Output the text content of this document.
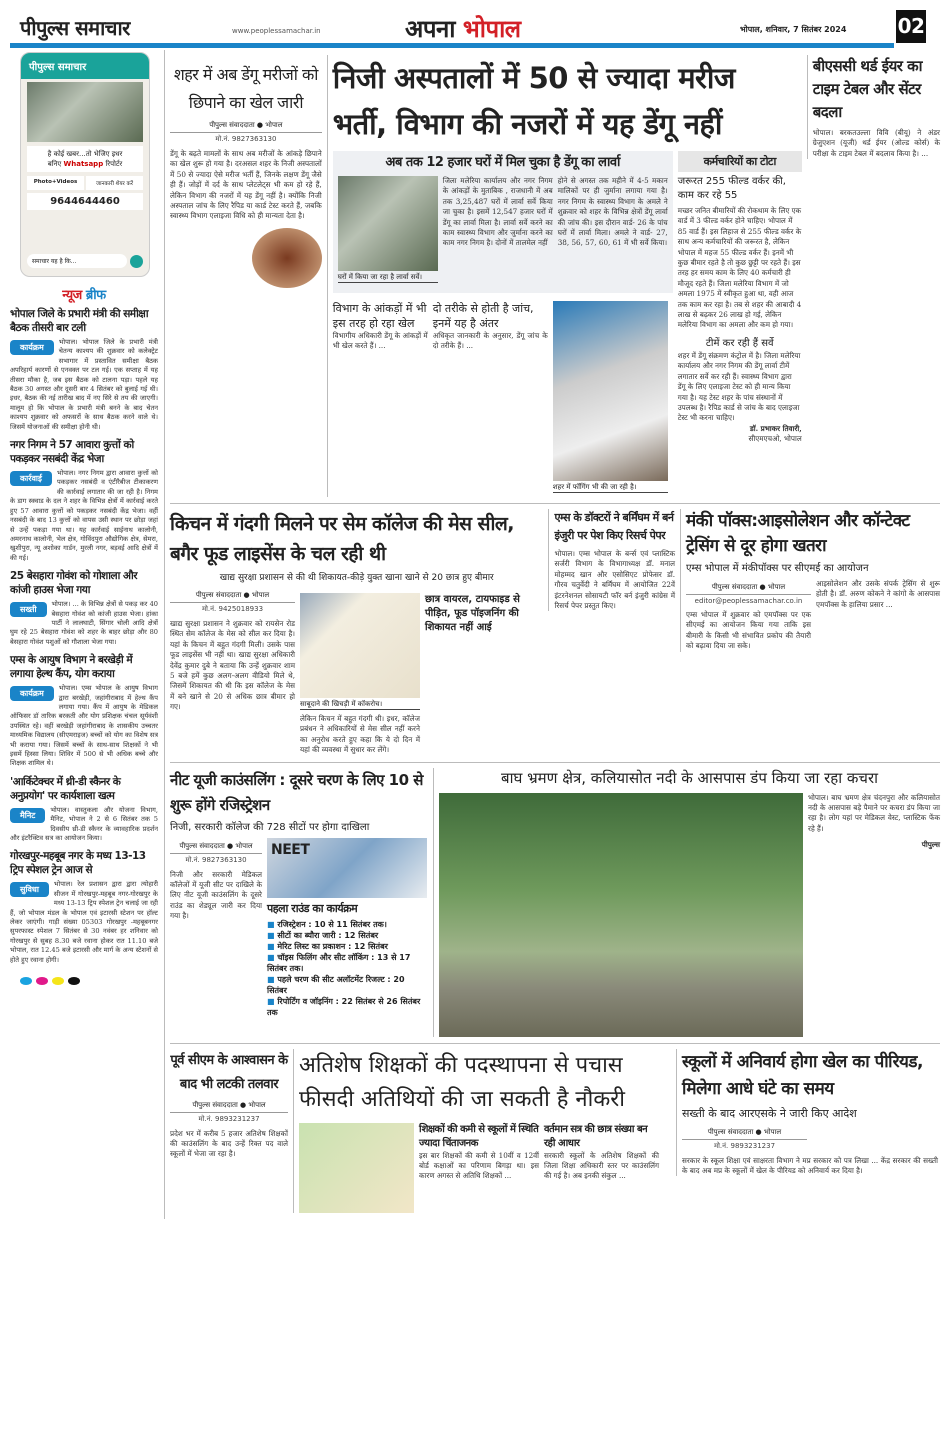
पीपुल्स समाचार	www.peoplessamachar.in	अपना भोपाल	भोपाल, शनिवार, 7 सितंबर 2024	02
पीपुल्स समाचार
है कोई खबर...तो भेजिए इधर
बनिए Whatsapp रिपोर्टर
Photo+Videos	जानकारी शेयर करें
9644644460
समाचार यह है कि...
न्यूज ब्रीफ
भोपाल जिले के प्रभारी मंत्री की समीक्षा बैठक तीसरी बार टली
कार्यक्रम	भोपाल। भोपाल जिले के प्रभारी मंत्री चेतन्य काश्यप की शुक्रवार को कलेक्ट्रेट सभागार में प्रस्तावित समीक्षा बैठक अपरिहार्य कारणों से एनवक्त पर टल गई। एक सप्ताह में यह तीसरा मौका है, जब इस बैठक को टालना पड़ा। पहले यह बैठक 30 अगस्त और दूसरी बार 4 सितंबर को बुलाई गई थी। इधर, बैठक की नई तारीख बाद में नए सिरे से तय की जाएगी। मालूम हो कि भोपाल के प्रभारी मंत्री बनने के बाद चेतन काश्यप शुक्रवार को अफसरों के साथ बैठक करने वाले थे। जिसमें योजनाओं की समीक्षा होनी थी।
नगर निगम ने 57 आवारा कुत्तों को पकड़कर नसबंदी केंद्र भेजा
कार्रवाई	भोपाल। नगर निगम द्वारा आवारा कुत्तों को पकड़कर नसबंदी व एंटीरैबीज टीकाकरण की कार्रवाई लगातार की जा रही है। निगम के डाग स्क्वाड के दल ने शहर के विभिन्न क्षेत्रों में कार्रवाई करते हुए 57 आवारा कुत्तों को पकड़कर नसबंदी केंद्र भेजा। वहीं नसबंदी के बाद 13 कुत्तों को वापस उसी स्थान पर छोड़ा जहां से उन्हें पकड़ा गया था। यह कार्रवाई साईनाथ कालोनी, अमरनाथ कालोनी, भेल क्षेत्र, गोविंदपुरा औद्योगिक क्षेत्र, सेमरा, खुशीपुरा, न्यू अशोका गार्डन, मुरली नगर, बड़वई आदि क्षेत्रों में की गई।
25 बेसहारा गोवंश को गोशाला और कांजी हाउस भेजा गया
सख्ती	भोपाल। ... के विभिन्न क्षेत्रों से पकड़ कर 40 बेसहारा गोवंश को कांजी हाउस भेजा। हांका पार्टी ने लालघाटी, सिंगार चोली आदि क्षेत्रों घुम रहे 25 बेसहारा गोवंश को शहर के बाहर छोड़ा और 80 बेसहारा गोवंश पशुओं को गौशाला भेजा गया।
एम्स के आयुष विभाग ने बरखेड़ी में लगाया हेल्थ कैंप, योग कराया
कार्यक्रम	भोपाल। एम्स भोपाल के आयुष विभाग द्वारा बरखेड़ी, जहांगीराबाद में हेल्थ कैंप लगाया गया। कैंप में आयुष के मेडिकल ऑफिसर डॉ तारिक बरकती और योग प्रशिक्षक चंचल सूर्यवंशी उपस्थित रहे। वहीं बरखेड़ी जहांगीराबाद के शासकीय उच्चतर माध्यमिक विद्यालय (सीएमराइज) बच्चों को योग का विशेष सत्र भी कराया गया। जिसमें बच्चों के साथ-साथ शिक्षकों ने भी इसमें हिस्सा लिया। शिविर में 500 से भी अधिक बच्चे और शिक्षक शामिल थे।
'आर्किटेक्चर में थ्री-डी स्कैनर के अनुप्रयोग' पर कार्यशाला खत्म
मैनिट	भोपाल। वास्तुकला और योजना विभाग, मैनिट, भोपाल ने 2 से 6 सितंबर तक 5 दिवसीय थ्री-डी स्कैनर के व्यावहारिक प्रदर्शन और इंटरैक्टिव सत्र का आयोजन किया।
गोरखपुर-महबूब नगर के मध्य 13-13 ट्रिप स्पेशल ट्रेन आज से
सुविधा	भोपाल। रेल प्रशासन द्वारा द्वारा त्योहारी सीजन में गोरखपुर-महबूब नगर-गोरखपुर के मध्य 13-13 ट्रिप स्पेशल ट्रेन चलाई जा रही हैं, जो भोपाल मंडल के भोपाल एवं इटारसी स्टेशन पर हॉल्ट लेकर जाएंगी। गाड़ी संख्या 05303 गोरखपुर -महबूबनगर सुपरफास्ट स्पेशल 7 सितंबर से 30 नवंबर हर शनिवार को गोरखपुर से सुबह 8.30 बजे रवाना होकर रात 11.10 बजे भोपाल, रात 12.45 बजे इटारसी और मार्ग के अन्य स्टेशनों से होते हुए रवाना होगी।
शहर में अब डेंगू मरीजों को छिपाने का खेल जारी
पीपुल्स संवाददाता ● भोपाल
मो.नं. 9827363130
डेंगू के बढ़ते मामलों के साथ अब मरीजों के आंकड़े छिपाने का खेल शुरू हो गया है। दरअसल शहर के निजी अस्पतालों में 50 से ज्यादा ऐसे मरीज भर्ती हैं, जिनके लक्षण डेंगू जैसे ही हैं। जोड़ों में दर्द के साथ प्लेटलेट्स भी कम हो रहे हैं, लेकिन विभाग की नजरों में यह डेंगू नहीं है। क्योंकि निजी अस्पताल जांच के लिए रैपिड या कार्ड टेस्ट करते हैं, जबकि स्वास्थ्य विभाग एलाइजा विधि को ही मान्यता देता है।
निजी अस्पतालों में 50 से ज्यादा मरीज
भर्ती, विभाग की नजरों में यह डेंगू नहीं
अब तक 12 हजार घरों में मिल चुका है डेंगू का लार्वा
घरों में किया जा रहा है लार्वा सर्वे।
जिला मलेरिया कार्यालय और नगर निगम के आंकड़ों के मुताबिक , राजधानी में अब तक 3,25,487 घरों में लार्वा सर्वे किया जा चुका है। इसमें 12,547 हजार घरों में डेंगू का लार्वा मिला है। लार्वा सर्वे करने का काम स्वास्थ्य विभाग और जुर्माना करने का काम नगर निगम है। दोनों में तालमेल नहीं
होने से अगस्त तक महीने में 4-5 मकान मालिकों पर ही जुर्माना लगाया गया है। नगर निगम के स्वास्थ्य विभाग के अमले ने शुक्रवार को शहर के विभिन्न क्षेत्रों डेंगू लार्वा की जांच की। इस दौरान वार्ड- 26 के पांच घरों में लार्वा मिला। अमले ने वार्ड- 27, 38, 56, 57, 60, 61 में भी सर्वे किया।
विभाग के आंकड़ों में भी इस तरह हो रहा खेल
विभागीय अधिकारी डेंगू के आंकड़ों में भी खेल करते हैं। ...
दो तरीके से होती है जांच, इनमें यह है अंतर
अधिकृत जानकारी के अनुसार, डेंगू जांच के दो तरीके हैं। ...
शहर में फॉगिंग भी की जा रही है।
कर्मचारियों का टोटा
जरूरत 255 फील्ड वर्कर की, काम कर रहे 55
मच्छर जनित बीमारियों की रोकथाम के लिए एक वार्ड में 3 फील्ड वर्कर होने चाहिए। भोपाल में 85 वार्ड हैं। इस लिहाज से 255 फील्ड वर्कर के साथ अन्य कर्मचारियों की जरूरत है, लेकिन भोपाल में महज 55 फील्ड वर्कर हैं। इनमें भी कुछ बीमार रहते है तो कुछ छुट्टी पर रहते हैं। इस तरह हर समय काम के लिए 40 कर्मचारी ही मौजूद रहते हैं। जिला मलेरिया विभाग में जो अमला 1975 में स्वीकृत हुआ था, वही आज तक काम कर रहा है। तब से शहर की आबादी 4 लाख से बढ़कर 26 लाख हो गई, लेकिन मलेरिया विभाग का अमला और कम हो गया।
टीमें कर रही हैं सर्वे
शहर में डेंगू संक्रमण कंट्रोल में है। जिला मलेरिया कार्यालय और नगर निगम की डेंगू लार्वा टीमें लगातार सर्वे कर रही हैं। स्वास्थ्य विभाग द्वारा डेंगू के लिए एलाइजा टेस्ट को ही मान्य किया गया है। यह टेस्ट शहर के पांच संस्थानों में उपलब्ध है। रैपिड कार्ड से जांच के बाद एलाइजा टेस्ट भी करना चाहिए।
डॉ. प्रभाकर तिवारी,
सीएमएचओ, भोपाल
बीएससी थर्ड ईयर का टाइम टेबल और सेंटर बदला
भोपाल। बरकतउल्ला विवि (बीयू) ने अंडर ग्रेजुएशन (यूजी) थर्ड ईयर (ओल्ड कोर्स) के परीक्षा के टाइम टेबल में बदलाव किया है। ...
किचन में गंदगी मिलने पर सेम कॉलेज की मेस सील, बगैर फूड लाइसेंस के चल रही थी
खाद्य सुरक्षा प्रशासन से की थी शिकायत-कीड़े युक्त खाना खाने से 20 छात्र हुए बीमार
पीपुल्स संवाददाता ● भोपाल
मो.नं. 9425018933
खाद्य सुरक्षा प्रशासन ने शुक्रवार को रायसेन रोड स्थित सेम कॉलेज के मेस को सील कर दिया है। यहां के किचन में बहुत गंदगी मिली। उसके पास फूड लाइसेंस भी नहीं था। खाद्य सुरक्षा अधिकारी देवेंद्र कुमार दुबे ने बताया कि उन्हें शुक्रवार शाम 5 बजे हमें कुछ अलग-अलग वीडियो मिले थे, जिसमें शिकायत की थी कि इस कॉलेज के मेस में बने खाने से 20 से अधिक छात्र बीमार हो गए।	साबूदाने की खिचड़ी में कॉकरोच।
लेकिन किचन में बहुत गंदगी थी। इधर, कॉलेज प्रबंधन ने अधिकारियों से मेस सील नहीं करने का अनुरोध करते हुए कहा कि ये दो दिन में यहां की व्यवस्था में सुधार कर लेंगे।
छात्र वायरल, टायफाइड से पीड़ित, फूड पॉइजनिंग की शिकायत नहीं आई
एम्स के डॉक्टरों ने बर्मिंघम में बर्न इंजुरी पर पेश किए रिसर्च पेपर
भोपाल। एम्स भोपाल के बर्न्स एवं प्लास्टिक सर्जरी विभाग के विभागाध्यक्ष डॉ. मनाल मोहम्मद खान और एसोसिएट प्रोफेसर डॉ. गौरव चतुर्वेदी ने बर्मिंघम में आयोजित 22वें इंटरनेशनल सोसायटी फॉर बर्न इंजुरी कांग्रेस में रिसर्च पेपर प्रस्तुत किए।
मंकी पॉक्स:आइसोलेशन और कॉन्टेक्ट ट्रेसिंग से दूर होगा खतरा
एम्स भोपाल में मंकीपॉक्स पर सीएमई का आयोजन
पीपुल्स संवाददाता ● भोपाल
editor@peoplessamachar.co.in
एम्स भोपाल में शुक्रवार को एमपॉक्स पर एक सीएमई का आयोजन किया गया ताकि इस बीमारी के किसी भी संभावित प्रकोप की तैयारी को बढ़ावा दिया जा सके।
आइसोलेशन और उसके संपर्क ट्रेसिंग से शुरू होती है। डॉ. अरुण कोकने ने कांगो के आसपास एमपॉक्स के हालिया प्रसार ...
नीट यूजी काउंसलिंग : दूसरे चरण के लिए 10 से शुरू होंगे रजिस्ट्रेशन
निजी, सरकारी कॉलेज की 728 सीटों पर होगा दाखिला
पीपुल्स संवाददाता ● भोपाल
मो.नं. 9827363130
निजी और सरकारी मेडिकल कॉलेजों में यूजी सीट पर दाखिले के लिए नीट यूजी काउंसलिंग के दूसरे राउंड का शेड्यूल जारी कर दिया गया है।
NEET
पहला राउंड का कार्यक्रम
■ रजिस्ट्रेशन : 10 से 11 सितंबर तक।
■ सीटों का ब्यौरा जारी : 12 सितंबर
■ मेरिट लिस्ट का प्रकाशन : 12 सितंबर
■ चॉइस फिलिंग और सीट लॉकिंग : 13 से 17 सितंबर तक।
■ पहले चरण की सीट अलॉटमेंट रिजल्ट : 20 सितंबर
■ रिपोर्टिंग व जॉइनिंग : 22 सितंबर से 26 सितंबर तक
बाघ भ्रमण क्षेत्र, कलियासोत नदी के आसपास डंप किया जा रहा कचरा
भोपाल। बाघ भ्रमण क्षेत्र चंदनपुरा और कलियासोत नदी के आसपास बड़े पैमाने पर कचरा डंप किया जा रहा है। लोग यहां पर मेडिकल वेस्ट, प्लास्टिक फेंक रहे हैं।
पीपुल्स
पूर्व सीएम के आश्वासन के बाद भी लटकी तलवार
पीपुल्स संवाददाता ● भोपाल
मो.नं. 9893231237
प्रदेश भर में करीब 5 हजार अतिशेष शिक्षकों की काउंसलिंग के बाद उन्हें रिक्त पद वाले स्कूलों में भेजा जा रहा है।
अतिशेष शिक्षकों की पदस्थापना से पचास फीसदी अतिथियों की जा सकती है नौकरी
शिक्षकों की कमी से स्कूलों में स्थिति ज्यादा चिंताजनक
इस बार शिक्षकों की कमी से 10वीं व 12वीं बोर्ड कक्षाओं का परिणाम बिगड़ा था। इस कारण अगस्त से अतिथि शिक्षकों ...
वर्तमान सत्र की छात्र संख्या बन रही आधार
सरकारी स्कूलों के अतिशेष शिक्षकों की जिला शिक्षा अधिकारी स्तर पर काउंसलिंग की गई है। अब इनकी संकुल ...
स्कूलों में अनिवार्य होगा खेल का पीरियड, मिलेगा आधे घंटे का समय
सख्ती के बाद आरएसके ने जारी किए आदेश
पीपुल्स संवाददाता ● भोपाल
मो.नं. 9893231237
सरकार के स्कूल शिक्षा एवं साक्षरता विभाग ने मप्र सरकार को पत्र लिखा ... केंद्र सरकार की सख्ती के बाद अब मप्र के स्कूलों में खेल के पीरियड को अनिवार्य कर दिया है।
